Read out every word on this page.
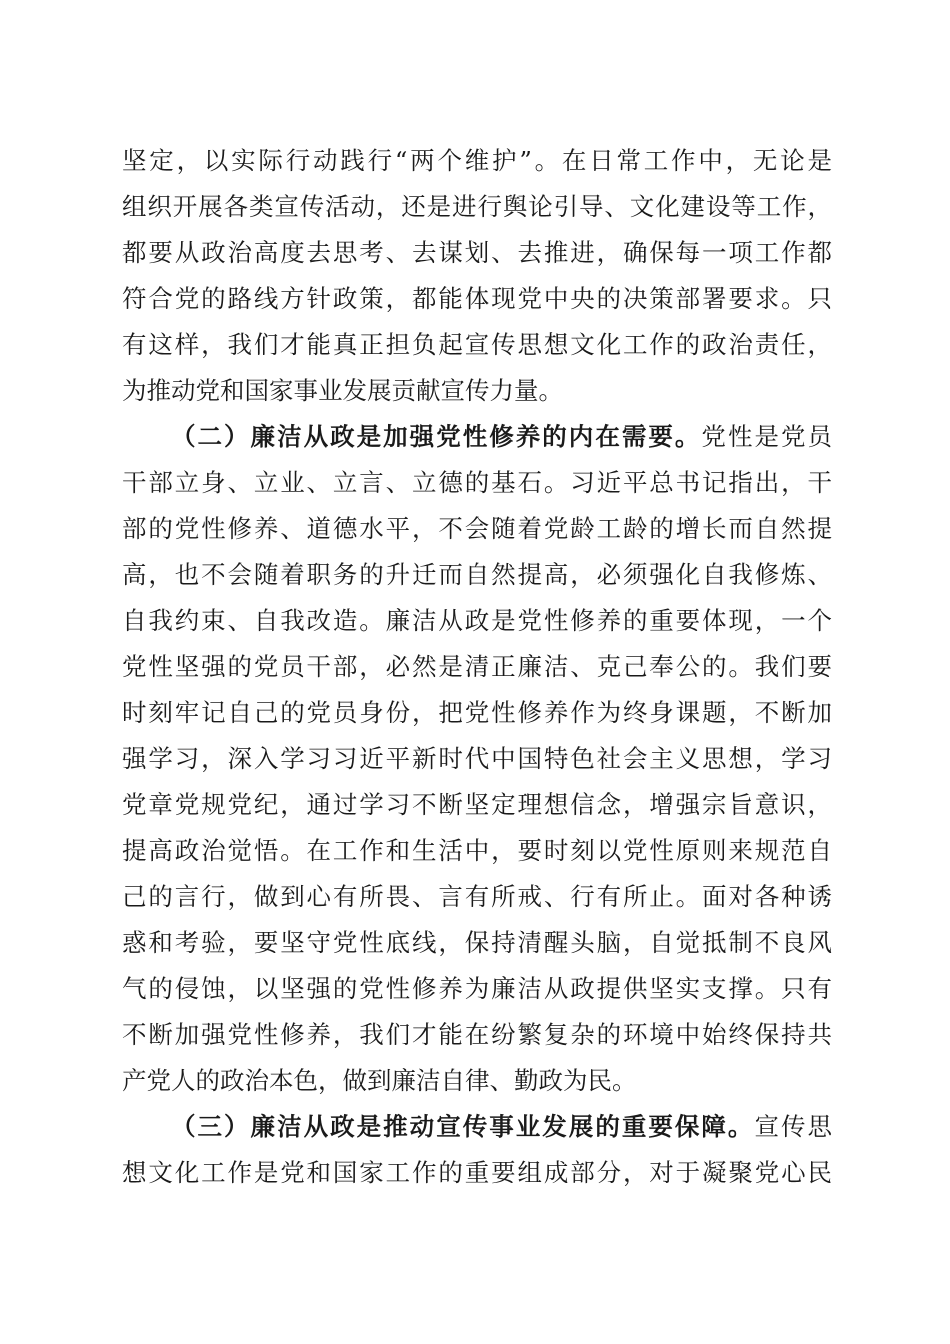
坚定，以实际行动践行“两个维护”。在日常工作中，无论是

组织开展各类宣传活动，还是进行舆论引导、文化建设等工作，

都要从政治高度去思考、去谋划、去推进，确保每一项工作都

符合党的路线方针政策，都能体现党中央的决策部署要求。只

有这样，我们才能真正担负起宣传思想文化工作的政治责任，

为推动党和国家事业发展贡献宣传力量。

（二）廉洁从政是加强党性修养的内在需要。党性是党员

干部立身、立业、立言、立德的基石。习近平总书记指出，干

部的党性修养、道德水平，不会随着党龄工龄的增长而自然提

高，也不会随着职务的升迁而自然提高，必须强化自我修炼、

自我约束、自我改造。廉洁从政是党性修养的重要体现，一个

党性坚强的党员干部，必然是清正廉洁、克己奉公的。我们要

时刻牢记自己的党员身份，把党性修养作为终身课题，不断加

强学习，深入学习习近平新时代中国特色社会主义思想，学习

党章党规党纪，通过学习不断坚定理想信念，增强宗旨意识，

提高政治觉悟。在工作和生活中，要时刻以党性原则来规范自

己的言行，做到心有所畏、言有所戒、行有所止。面对各种诱

惑和考验，要坚守党性底线，保持清醒头脑，自觉抵制不良风

气的侵蚀，以坚强的党性修养为廉洁从政提供坚实支撑。只有

不断加强党性修养，我们才能在纷繁复杂的环境中始终保持共

产党人的政治本色，做到廉洁自律、勤政为民。

（三）廉洁从政是推动宣传事业发展的重要保障。宣传思

想文化工作是党和国家工作的重要组成部分，对于凝聚党心民
